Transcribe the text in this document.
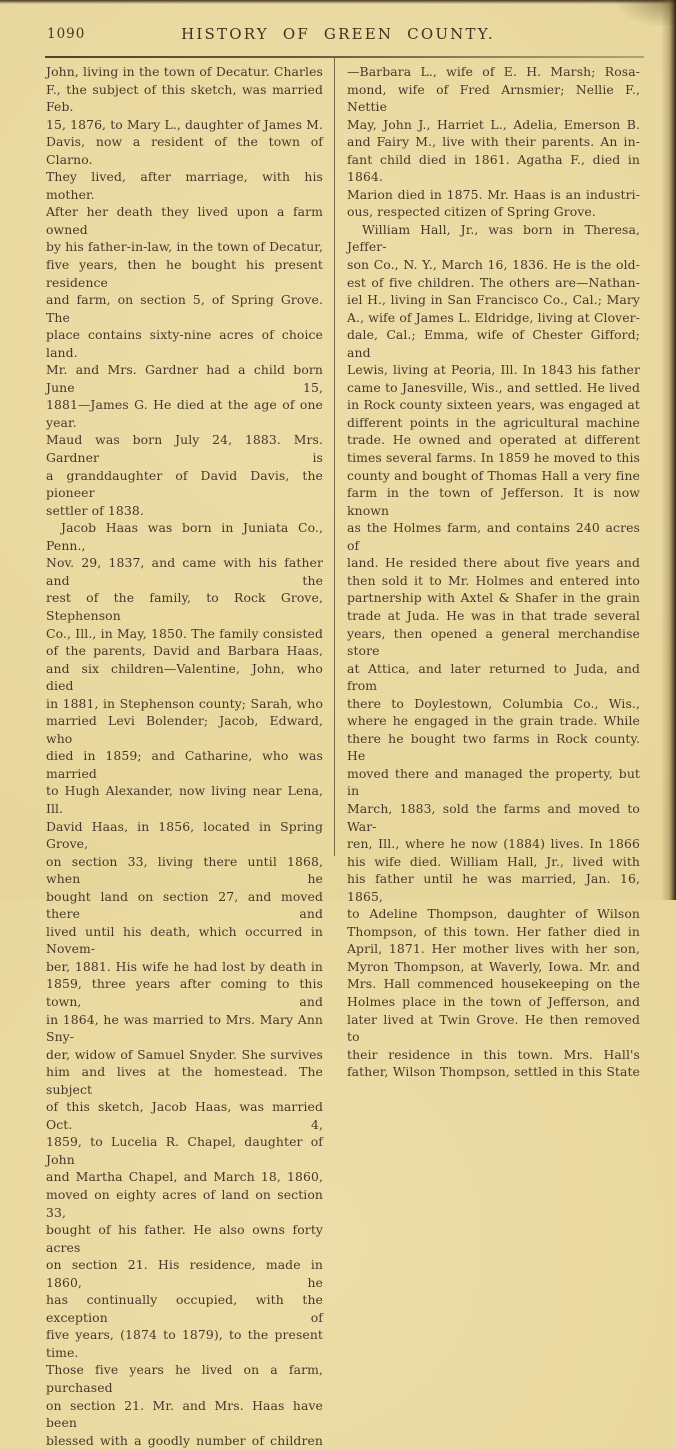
1090	HISTORY OF GREEN COUNTY.
John, living in the town of Decatur. Charles
F., the subject of this sketch, was married Feb.
15, 1876, to Mary L., daughter of James M.
Davis, now a resident of the town of Clarno.
They lived, after marriage, with his mother.
After her death they lived upon a farm owned
by his father-in-law, in the town of Decatur,
five years, then he bought his present residence
and farm, on section 5, of Spring Grove. The
place contains sixty-nine acres of choice land.
Mr. and Mrs. Gardner had a child born June 15,
1881—James G. He died at the age of one year.
Maud was born July 24, 1883. Mrs. Gardner is
a granddaughter of David Davis, the pioneer
settler of 1838.
Jacob Haas was born in Juniata Co., Penn.,
Nov. 29, 1837, and came with his father and the
rest of the family, to Rock Grove, Stephenson
Co., Ill., in May, 1850. The family consisted
of the parents, David and Barbara Haas,
and six children—Valentine, John, who died
in 1881, in Stephenson county; Sarah, who
married Levi Bolender; Jacob, Edward, who
died in 1859; and Catharine, who was married
to Hugh Alexander, now living near Lena, Ill.
David Haas, in 1856, located in Spring Grove,
on section 33, living there until 1868, when he
bought land on section 27, and moved there and
lived until his death, which occurred in Novem-
ber, 1881. His wife he had lost by death in
1859, three years after coming to this town, and
in 1864, he was married to Mrs. Mary Ann Sny-
der, widow of Samuel Snyder. She survives
him and lives at the homestead. The subject
of this sketch, Jacob Haas, was married Oct. 4,
1859, to Lucelia R. Chapel, daughter of John
and Martha Chapel, and March 18, 1860,
moved on eighty acres of land on section 33,
bought of his father. He also owns forty acres
on section 21. His residence, made in 1860, he
has continually occupied, with the exception of
five years, (1874 to 1879), to the present time.
Those five years he lived on a farm, purchased
on section 21. Mr. and Mrs. Haas have been
blessed with a goodly number of children
—Barbara L., wife of E. H. Marsh; Rosa-
mond, wife of Fred Arnsmier; Nellie F., Nettie
May, John J., Harriet L., Adelia, Emerson B.
and Fairy M., live with their parents. An in-
fant child died in 1861. Agatha F., died in 1864.
Marion died in 1875. Mr. Haas is an industri-
ous, respected citizen of Spring Grove.
William Hall, Jr., was born in Theresa, Jeffer-
son Co., N. Y., March 16, 1836. He is the old-
est of five children. The others are—Nathan-
iel H., living in San Francisco Co., Cal.; Mary
A., wife of James L. Eldridge, living at Clover-
dale, Cal.; Emma, wife of Chester Gifford; and
Lewis, living at Peoria, Ill. In 1843 his father
came to Janesville, Wis., and settled. He lived
in Rock county sixteen years, was engaged at
different points in the agricultural machine
trade. He owned and operated at different
times several farms. In 1859 he moved to this
county and bought of Thomas Hall a very fine
farm in the town of Jefferson. It is now known
as the Holmes farm, and contains 240 acres of
land. He resided there about five years and
then sold it to Mr. Holmes and entered into
partnership with Axtel & Shafer in the grain
trade at Juda. He was in that trade several
years, then opened a general merchandise store
at Attica, and later returned to Juda, and from
there to Doylestown, Columbia Co., Wis.,
where he engaged in the grain trade. While
there he bought two farms in Rock county. He
moved there and managed the property, but in
March, 1883, sold the farms and moved to War-
ren, Ill., where he now (1884) lives. In 1866
his wife died. William Hall, Jr., lived with
his father until he was married, Jan. 16, 1865,
to Adeline Thompson, daughter of Wilson
Thompson, of this town. Her father died in
April, 1871. Her mother lives with her son,
Myron Thompson, at Waverly, Iowa. Mr. and
Mrs. Hall commenced housekeeping on the
Holmes place in the town of Jefferson, and
later lived at Twin Grove. He then removed to
their residence in this town. Mrs. Hall's
father, Wilson Thompson, settled in this State
